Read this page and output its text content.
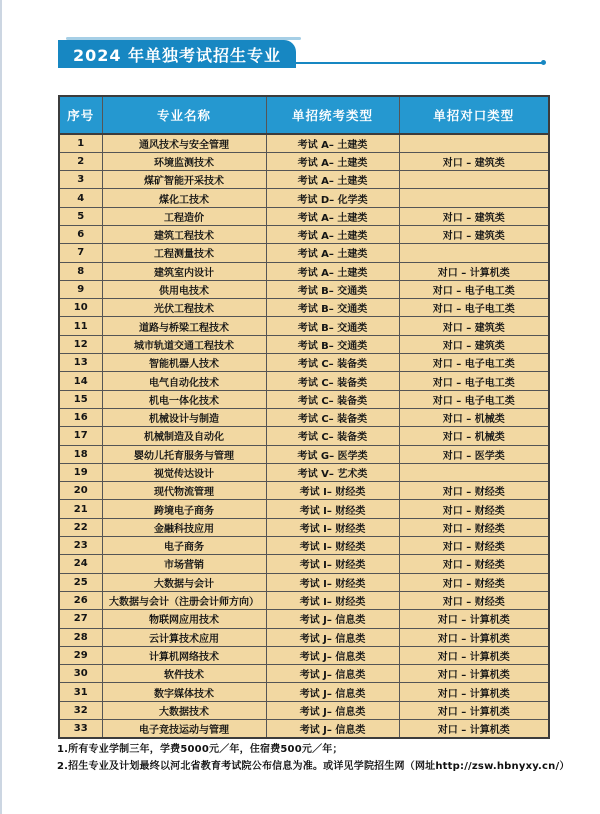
2024 年单独考试招生专业
序号	专业名称	单招统考类型	单招对口类型
1	通风技术与安全管理	考试 A– 土建类	
2	环境监测技术	考试 A– 土建类	对口 – 建筑类
3	煤矿智能开采技术	考试 A– 土建类	
4	煤化工技术	考试 D– 化学类	
5	工程造价	考试 A– 土建类	对口 – 建筑类
6	建筑工程技术	考试 A– 土建类	对口 – 建筑类
7	工程测量技术	考试 A– 土建类	
8	建筑室内设计	考试 A– 土建类	对口 – 计算机类
9	供用电技术	考试 B– 交通类	对口 – 电子电工类
10	光伏工程技术	考试 B– 交通类	对口 – 电子电工类
11	道路与桥梁工程技术	考试 B– 交通类	对口 – 建筑类
12	城市轨道交通工程技术	考试 B– 交通类	对口 – 建筑类
13	智能机器人技术	考试 C– 装备类	对口 – 电子电工类
14	电气自动化技术	考试 C– 装备类	对口 – 电子电工类
15	机电一体化技术	考试 C– 装备类	对口 – 电子电工类
16	机械设计与制造	考试 C– 装备类	对口 – 机械类
17	机械制造及自动化	考试 C– 装备类	对口 – 机械类
18	婴幼儿托育服务与管理	考试 G– 医学类	对口 – 医学类
19	视觉传达设计	考试 V– 艺术类	
20	现代物流管理	考试 I– 财经类	对口 – 财经类
21	跨境电子商务	考试 I– 财经类	对口 – 财经类
22	金融科技应用	考试 I– 财经类	对口 – 财经类
23	电子商务	考试 I– 财经类	对口 – 财经类
24	市场营销	考试 I– 财经类	对口 – 财经类
25	大数据与会计	考试 I– 财经类	对口 – 财经类
26	大数据与会计（注册会计师方向）	考试 I– 财经类	对口 – 财经类
27	物联网应用技术	考试 J– 信息类	对口 – 计算机类
28	云计算技术应用	考试 J– 信息类	对口 – 计算机类
29	计算机网络技术	考试 J– 信息类	对口 – 计算机类
30	软件技术	考试 J– 信息类	对口 – 计算机类
31	数字媒体技术	考试 J– 信息类	对口 – 计算机类
32	大数据技术	考试 J– 信息类	对口 – 计算机类
33	电子竞技运动与管理	考试 J– 信息类	对口 – 计算机类
1.所有专业学制三年，学费5000元／年，住宿费500元／年；
2.招生专业及计划最终以河北省教育考试院公布信息为准。或详见学院招生网（网址http://zsw.hbnyxy.cn/）
